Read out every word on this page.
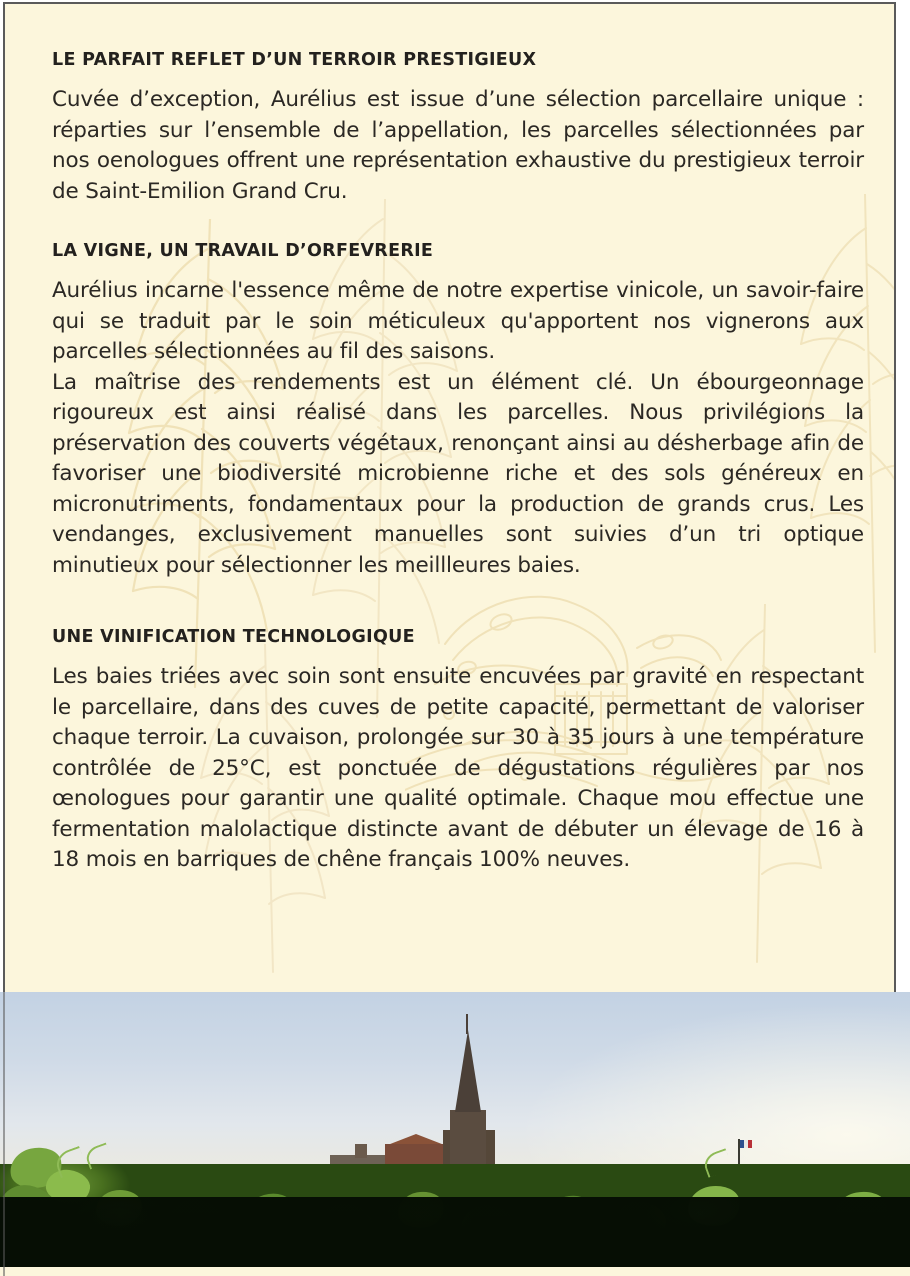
LE PARFAIT REFLET D’UN TERROIR PRESTIGIEUX

Cuvée d’exception, Aurélius est issue d’une sélection parcellaire unique : réparties sur l’ensemble de l’appellation, les parcelles sélectionnées par nos oenologues offrent une représentation exhaustive du prestigieux terroir de Saint-Emilion Grand Cru.

LA VIGNE, UN TRAVAIL D’ORFEVRERIE

Aurélius incarne l'essence même de notre expertise vinicole, un savoir-faire qui se traduit par le soin méticuleux qu'apportent nos vignerons aux parcelles sélectionnées au fil des saisons.

La maîtrise des rendements est un élément clé. Un ébourgeonnage rigoureux est ainsi réalisé dans les parcelles. Nous privilégions la préservation des couverts végétaux, renonçant ainsi au désherbage afin de favoriser une biodiversité microbienne riche et des sols généreux en micronutriments, fondamentaux pour la production de grands crus. Les vendanges, exclusivement manuelles sont suivies d’un tri optique minutieux pour sélectionner les meillleures baies.

UNE VINIFICATION TECHNOLOGIQUE

Les baies triées avec soin sont ensuite encuvées par gravité en respectant le parcellaire, dans des cuves de petite capacité, permettant de valoriser chaque terroir. La cuvaison, prolongée sur 30 à 35 jours à une température contrôlée de 25°C, est ponctuée de dégustations régulières par nos œnologues pour garantir une qualité optimale. Chaque mou effectue une fermentation malolactique distincte avant de débuter un élevage de 16 à 18 mois en barriques de chêne français 100% neuves.
